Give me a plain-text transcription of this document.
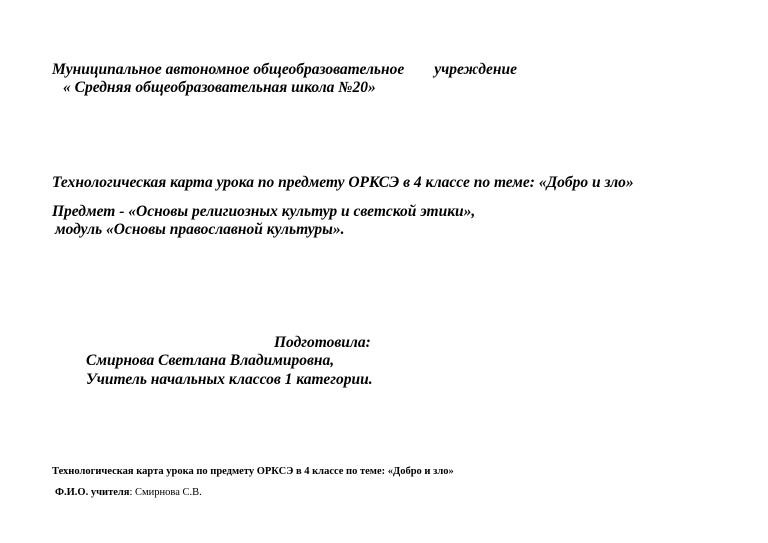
Муниципальное автономное общеобразовательное учреждение
« Средняя общеобразовательная школа №20»
Технологическая карта урока по предмету ОРКСЭ в 4 классе по теме: «Добро и зло»
Предмет - «Основы религиозных культур и светской этики»,
модуль «Основы православной культуры».
Подготовила:
Смирнова Светлана Владимировна,
Учитель начальных классов 1 категории.
Технологическая карта урока по предмету ОРКСЭ в 4 классе по теме: «Добро и зло»
Ф.И.О. учителя: Смирнова С.В.
